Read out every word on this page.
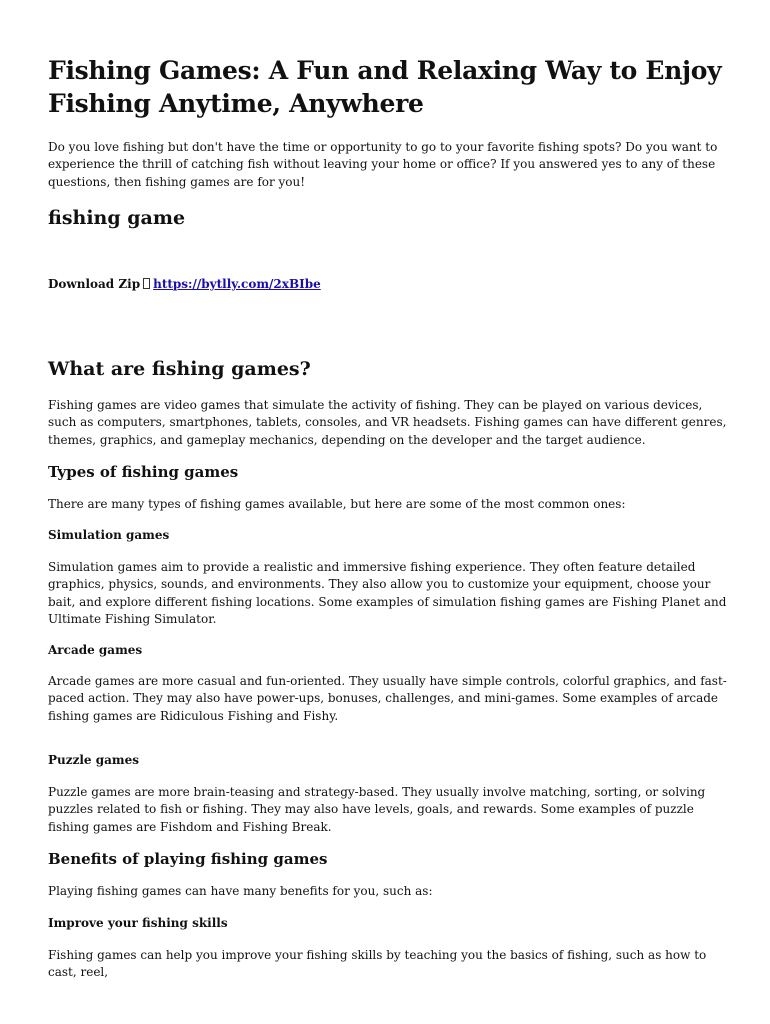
Fishing Games: A Fun and Relaxing Way to Enjoy Fishing Anytime, Anywhere

Do you love fishing but don't have the time or opportunity to go to your favorite fishing spots? Do you want to experience the thrill of catching fish without leaving your home or office? If you answered yes to any of these questions, then fishing games are for you!

fishing game
Download Zip https://bytlly.com/2xBIbe
What are fishing games?

Fishing games are video games that simulate the activity of fishing. They can be played on various devices, such as computers, smartphones, tablets, consoles, and VR headsets. Fishing games can have different genres, themes, graphics, and gameplay mechanics, depending on the developer and the target audience.

Types of fishing games

There are many types of fishing games available, but here are some of the most common ones:

Simulation games

Simulation games aim to provide a realistic and immersive fishing experience. They often feature detailed graphics, physics, sounds, and environments. They also allow you to customize your equipment, choose your bait, and explore different fishing locations. Some examples of simulation fishing games are Fishing Planet and Ultimate Fishing Simulator.

Arcade games

Arcade games are more casual and fun-oriented. They usually have simple controls, colorful graphics, and fast-paced action. They may also have power-ups, bonuses, challenges, and mini-games. Some examples of arcade fishing games are Ridiculous Fishing and Fishy.

Puzzle games

Puzzle games are more brain-teasing and strategy-based. They usually involve matching, sorting, or solving puzzles related to fish or fishing. They may also have levels, goals, and rewards. Some examples of puzzle fishing games are Fishdom and Fishing Break.

Benefits of playing fishing games

Playing fishing games can have many benefits for you, such as:

Improve your fishing skills

Fishing games can help you improve your fishing skills by teaching you the basics of fishing, such as how to cast, reel,
